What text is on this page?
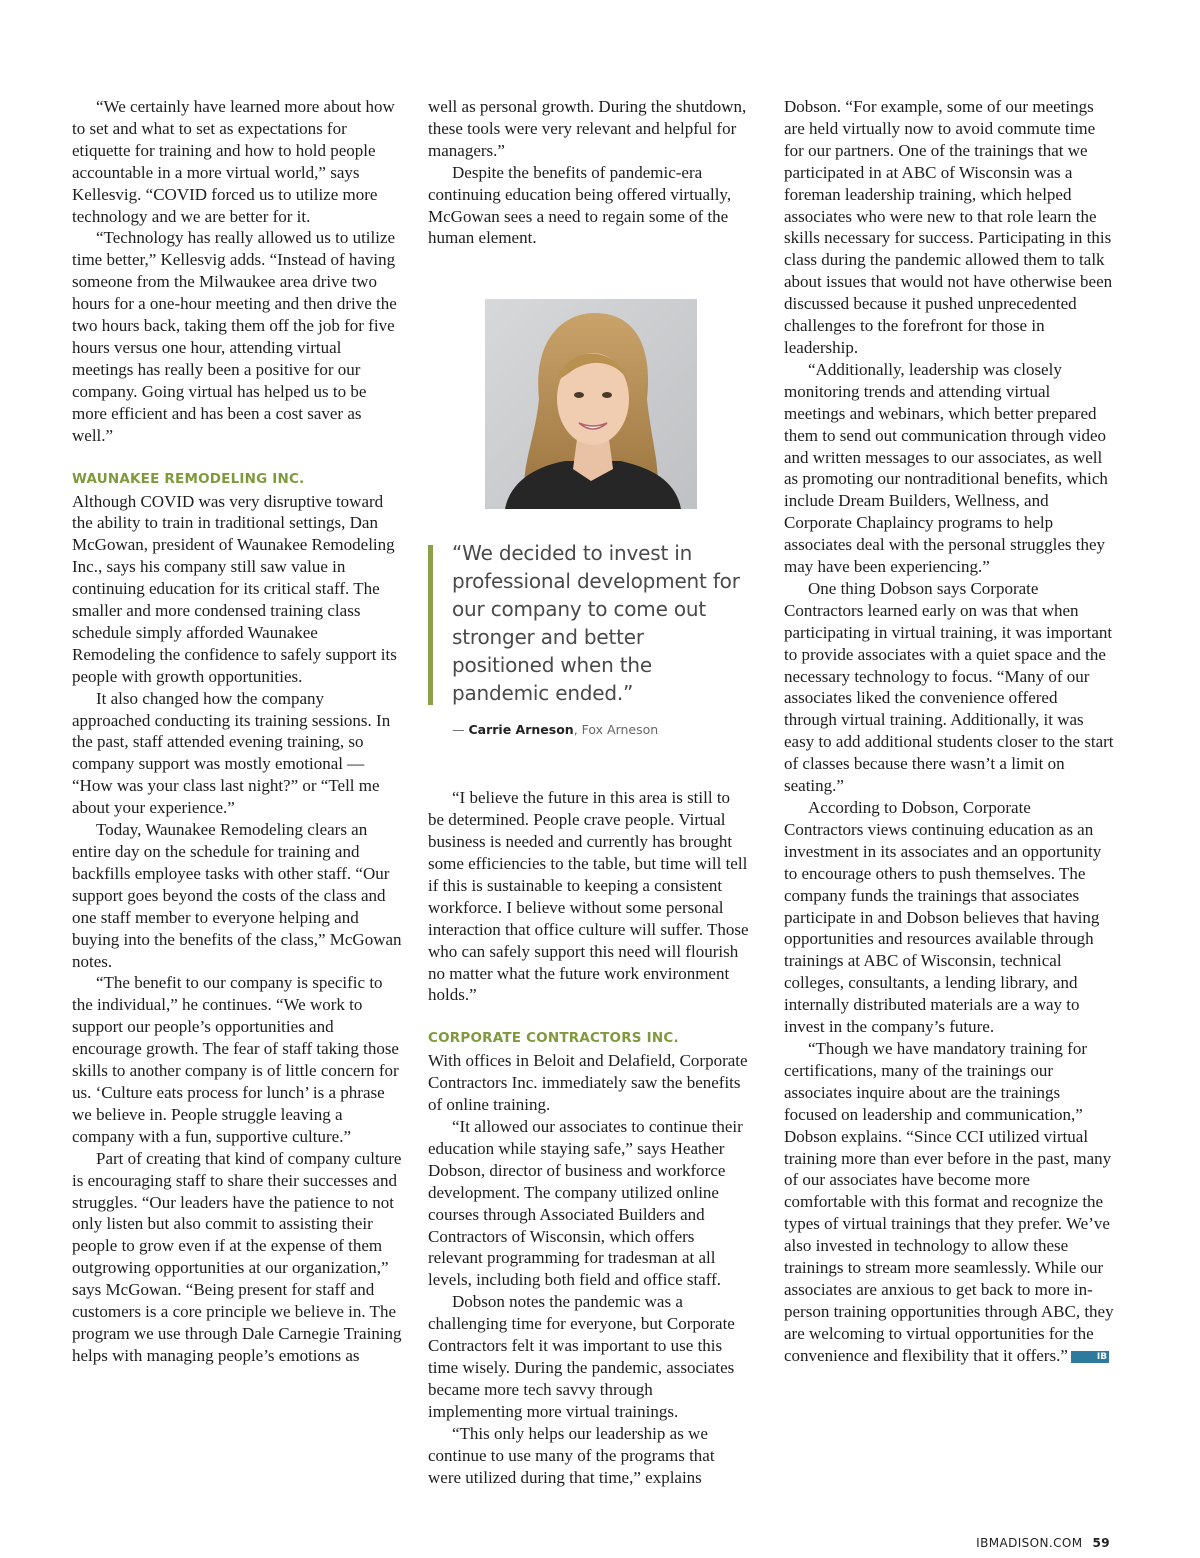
“We certainly have learned more about how to set and what to set as expectations for etiquette for training and how to hold people accountable in a more virtual world,” says Kellesvig. “COVID forced us to utilize more technology and we are better for it.

“Technology has really allowed us to utilize time better,” Kellesvig adds. “Instead of having someone from the Milwaukee area drive two hours for a one-hour meeting and then drive the two hours back, taking them off the job for five hours versus one hour, attending virtual meetings has really been a positive for our company. Going virtual has helped us to be more efficient and has been a cost saver as well.”

WAUNAKEE REMODELING INC.

Although COVID was very disruptive toward the ability to train in traditional settings, Dan McGowan, president of Waunakee Remodeling Inc., says his company still saw value in continuing education for its critical staff. The smaller and more condensed training class schedule simply afforded Waunakee Remodeling the confidence to safely support its people with growth opportunities.

It also changed how the company approached conducting its training sessions. In the past, staff attended evening training, so company support was mostly emotional — “How was your class last night?” or “Tell me about your experience.”

Today, Waunakee Remodeling clears an entire day on the schedule for training and backfills employee tasks with other staff. “Our support goes beyond the costs of the class and one staff member to everyone helping and buying into the benefits of the class,” McGowan notes.

“The benefit to our company is specific to the individual,” he continues. “We work to support our people’s opportunities and encourage growth. The fear of staff taking those skills to another company is of little concern for us. ‘Culture eats process for lunch’ is a phrase we believe in. People struggle leaving a company with a fun, supportive culture.”

Part of creating that kind of company culture is encouraging staff to share their successes and struggles. “Our leaders have the patience to not only listen but also commit to assisting their people to grow even if at the expense of them outgrowing opportunities at our organization,” says McGowan. “Being present for staff and customers is a core principle we believe in. The program we use through Dale Carnegie Training helps with managing people’s emotions as

well as personal growth. During the shutdown, these tools were very relevant and helpful for managers.”

Despite the benefits of pandemic-era continuing education being offered virtually, McGowan sees a need to regain some of the human element.

“We decided to invest in professional development for our company to come out stronger and better positioned when the pandemic ended.”
— Carrie Arneson, Fox Arneson

“I believe the future in this area is still to be determined. People crave people. Virtual business is needed and currently has brought some efficiencies to the table, but time will tell if this is sustainable to keeping a consistent workforce. I believe without some personal interaction that office culture will suffer. Those who can safely support this need will flourish no matter what the future work environment holds.”

CORPORATE CONTRACTORS INC.

With offices in Beloit and Delafield, Corporate Contractors Inc. immediately saw the benefits of online training.

“It allowed our associates to continue their education while staying safe,” says Heather Dobson, director of business and workforce development. The company utilized online courses through Associated Builders and Contractors of Wisconsin, which offers relevant programming for tradesman at all levels, including both field and office staff.

Dobson notes the pandemic was a challenging time for everyone, but Corporate Contractors felt it was important to use this time wisely. During the pandemic, associates became more tech savvy through implementing more virtual trainings.

“This only helps our leadership as we continue to use many of the programs that were utilized during that time,” explains

Dobson. “For example, some of our meetings are held virtually now to avoid commute time for our partners. One of the trainings that we participated in at ABC of Wisconsin was a foreman leadership training, which helped associates who were new to that role learn the skills necessary for success. Participating in this class during the pandemic allowed them to talk about issues that would not have otherwise been discussed because it pushed unprecedented challenges to the forefront for those in leadership.

“Additionally, leadership was closely monitoring trends and attending virtual meetings and webinars, which better prepared them to send out communication through video and written messages to our associates, as well as promoting our nontraditional benefits, which include Dream Builders, Wellness, and Corporate Chaplaincy programs to help associates deal with the personal struggles they may have been experiencing.”

One thing Dobson says Corporate Contractors learned early on was that when participating in virtual training, it was important to provide associates with a quiet space and the necessary technology to focus. “Many of our associates liked the convenience offered through virtual training. Additionally, it was easy to add additional students closer to the start of classes because there wasn’t a limit on seating.”

According to Dobson, Corporate Contractors views continuing education as an investment in its associates and an opportunity to encourage others to push themselves. The company funds the trainings that associates participate in and Dobson believes that having opportunities and resources available through trainings at ABC of Wisconsin, technical colleges, consultants, a lending library, and internally distributed materials are a way to invest in the company’s future.

“Though we have mandatory training for certifications, many of the trainings our associates inquire about are the trainings focused on leadership and communication,” Dobson explains. “Since CCI utilized virtual training more than ever before in the past, many of our associates have become more comfortable with this format and recognize the types of virtual trainings that they prefer. We’ve also invested in technology to allow these trainings to stream more seamlessly. While our associates are anxious to get back to more in-person training opportunities through ABC, they are welcoming to virtual opportunities for the convenience and flexibility that it offers.”	IB

IBMADISON.COM 59
